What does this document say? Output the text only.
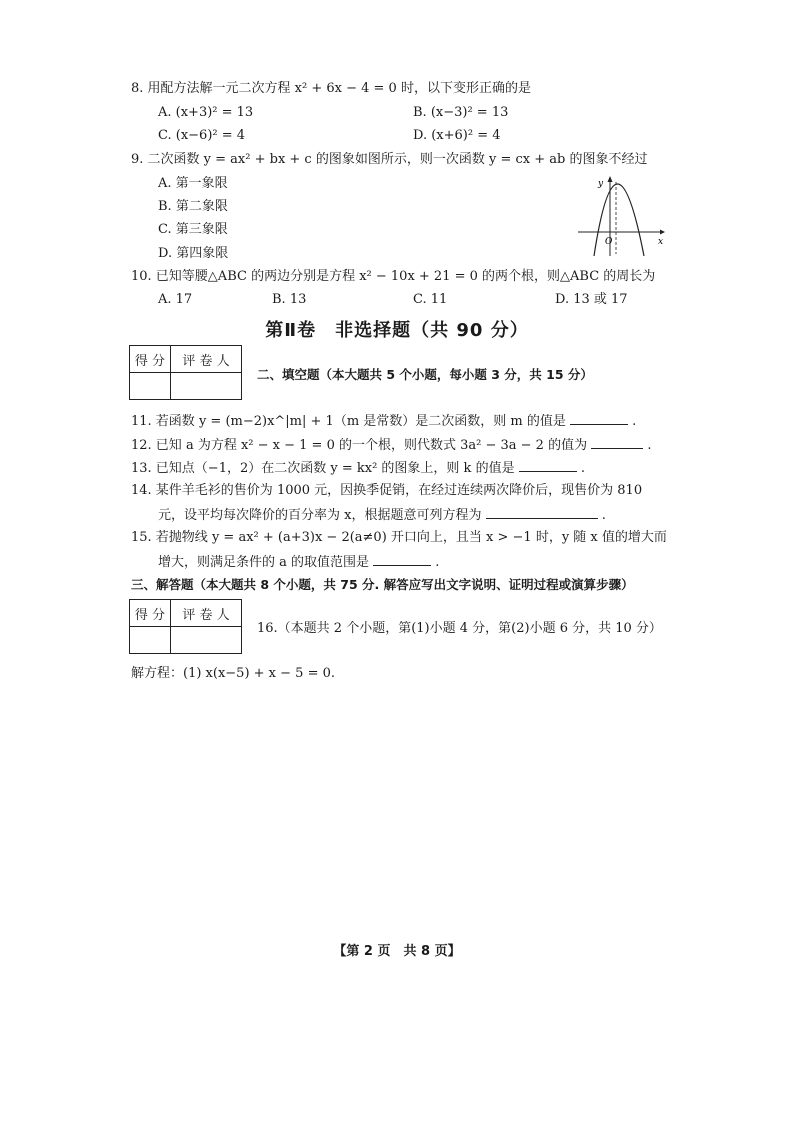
8. 用配方法解一元二次方程 x² + 6x − 4 = 0 时，以下变形正确的是
A. (x+3)² = 13	B. (x−3)² = 13
C. (x−6)² = 4	D. (x+6)² = 4
9. 二次函数 y = ax² + bx + c 的图象如图所示，则一次函数 y = cx + ab 的图象不经过
A. 第一象限
B. 第二象限
C. 第三象限
D. 第四象限
y
x
O
10. 已知等腰△ABC 的两边分别是方程 x² − 10x + 21 = 0 的两个根，则△ABC 的周长为
A. 17	B. 13	C. 11	D. 13 或 17
第Ⅱ卷　非选择题（共 90 分）
得 分	评 卷 人

二、填空题（本大题共 5 个小题，每小题 3 分，共 15 分）
11. 若函数 y = (m−2)x^|m| + 1（m 是常数）是二次函数，则 m 的值是	.
12. 已知 a 为方程 x² − x − 1 = 0 的一个根，则代数式 3a² − 3a − 2 的值为	.
13. 已知点（−1，2）在二次函数 y = kx² 的图象上，则 k 的值是	.
14. 某件羊毛衫的售价为 1000 元，因换季促销，在经过连续两次降价后，现售价为 810
元，设平均每次降价的百分率为 x，根据题意可列方程为	.
15. 若抛物线 y = ax² + (a+3)x − 2(a≠0) 开口向上，且当 x > −1 时，y 随 x 值的增大而
增大，则满足条件的 a 的取值范围是	.
三、解答题（本大题共 8 个小题，共 75 分. 解答应写出文字说明、证明过程或演算步骤）
得 分	评 卷 人

16.（本题共 2 个小题，第(1)小题 4 分，第(2)小题 6 分，共 10 分）
解方程：(1) x(x−5) + x − 5 = 0.
【第 2 页　共 8 页】
